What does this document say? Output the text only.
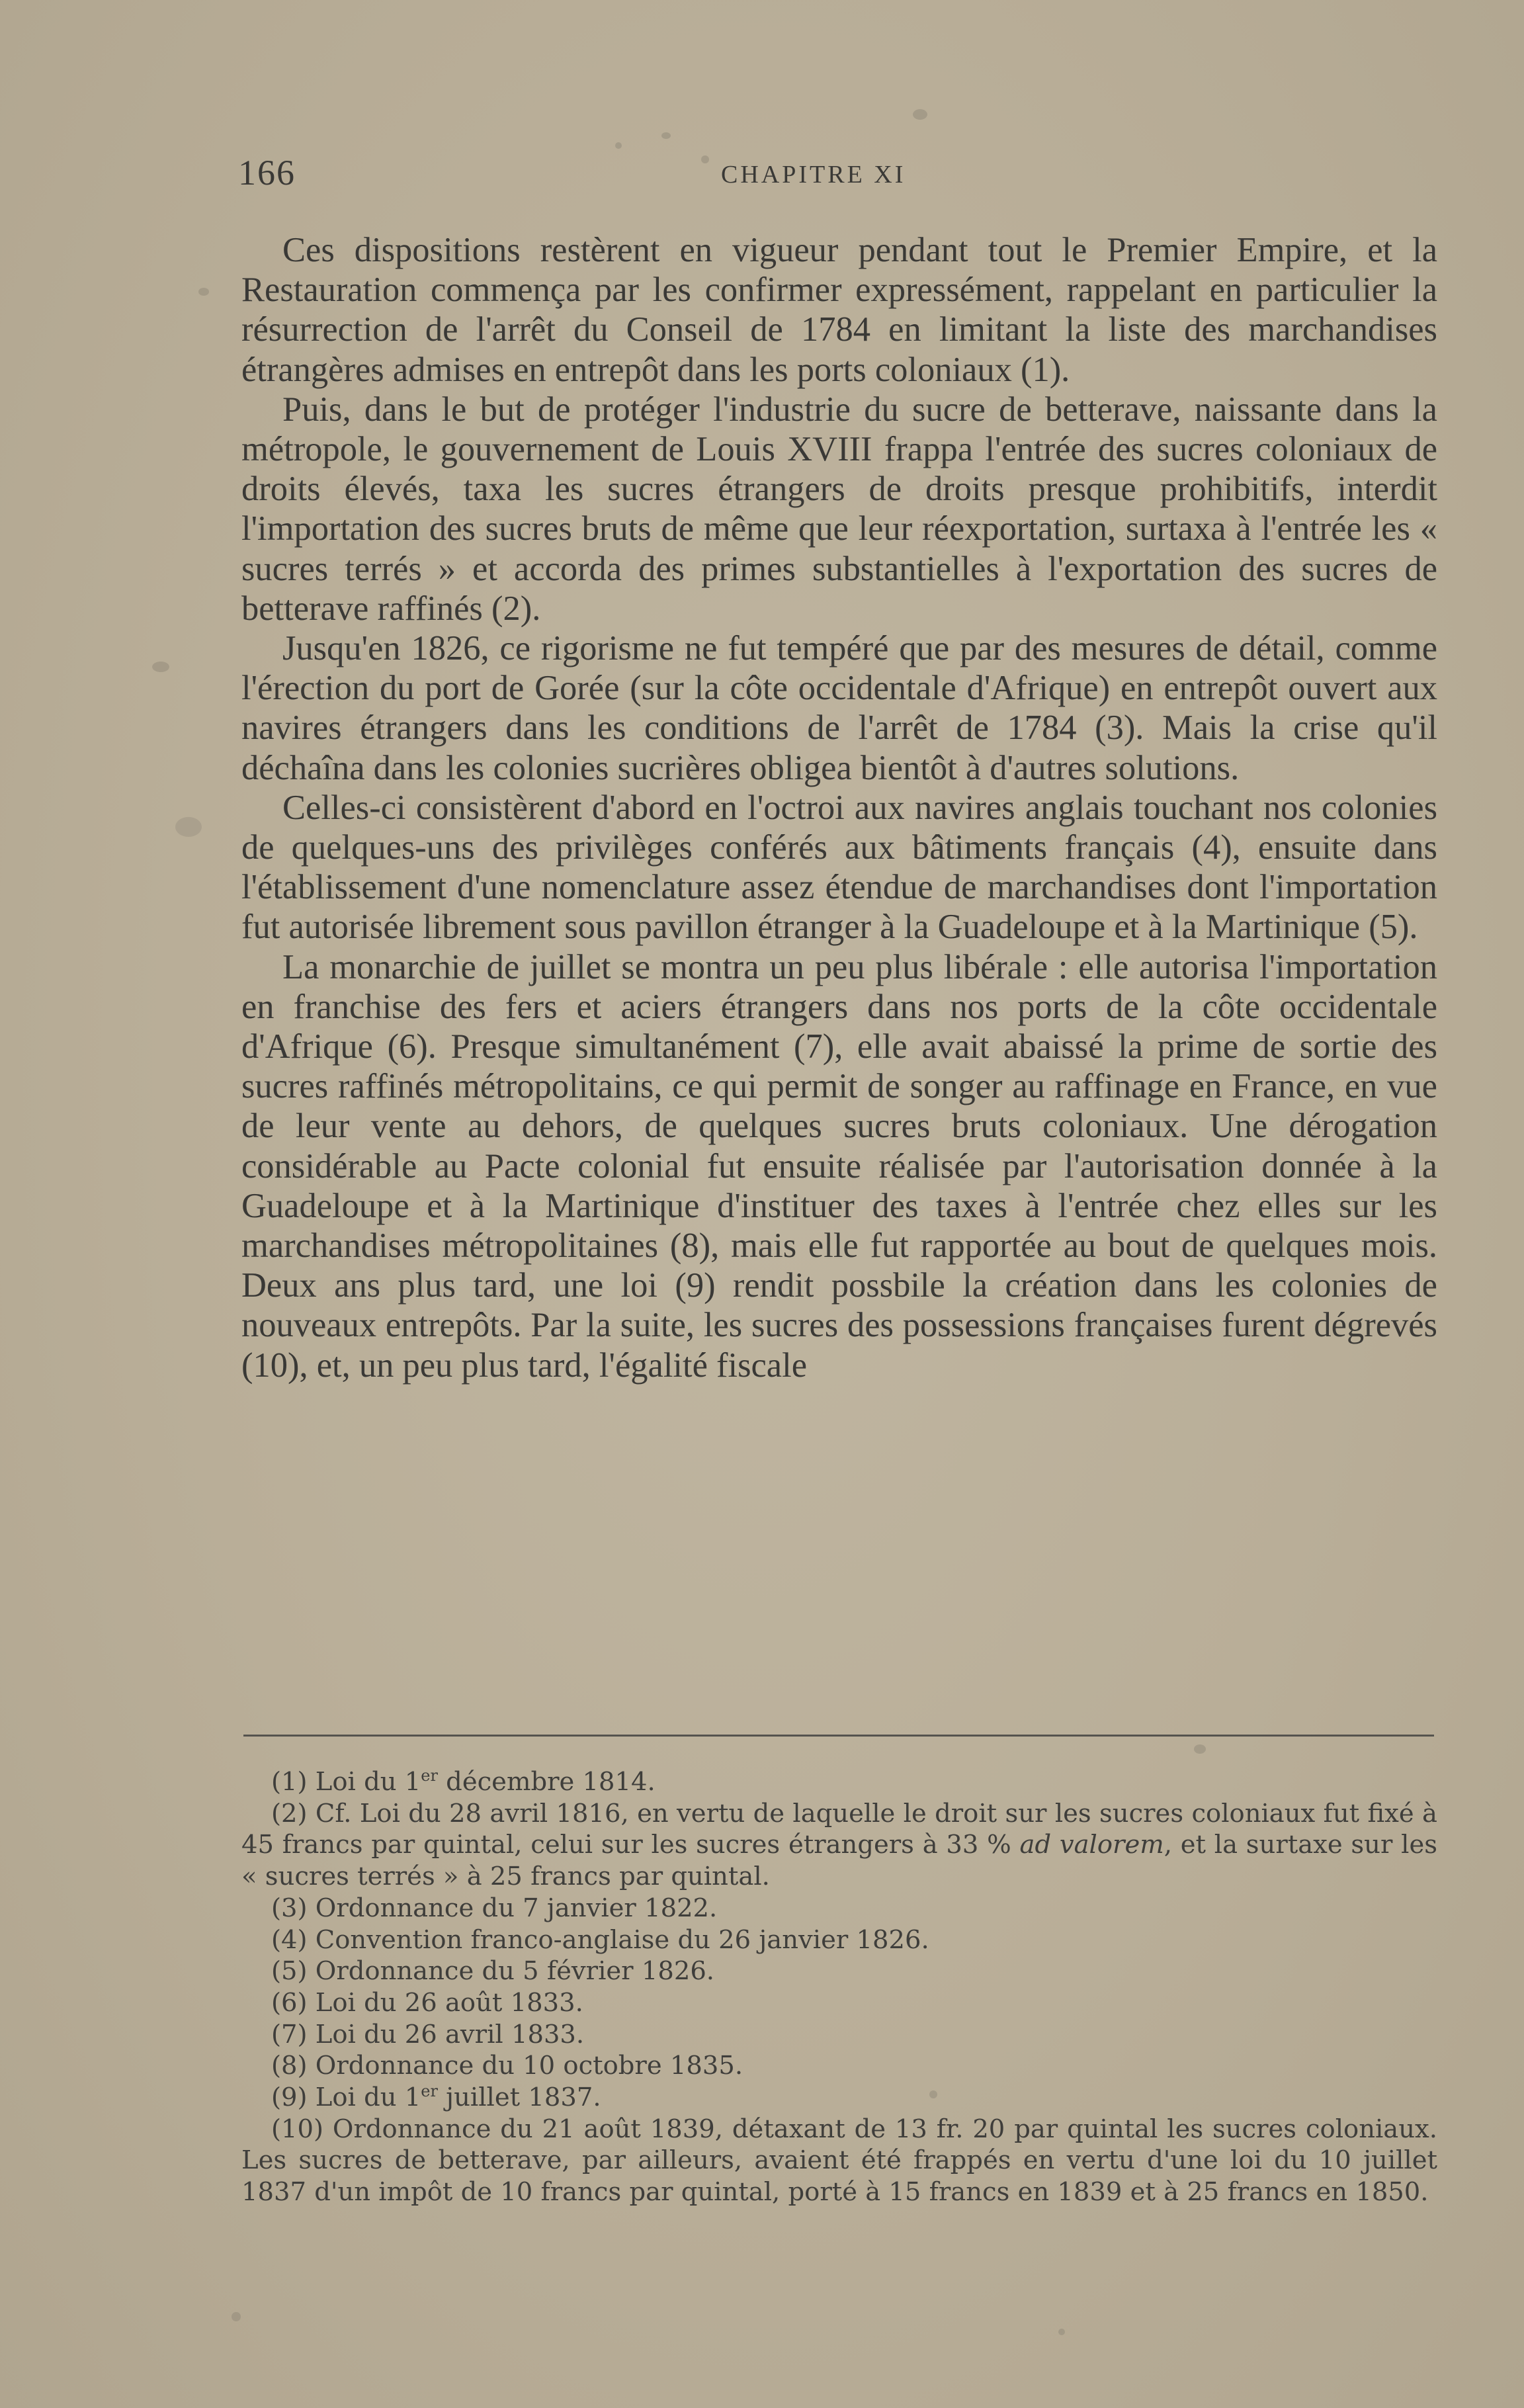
166	CHAPITRE XI

Ces dispositions restèrent en vigueur pendant tout le Premier Empire, et la Restauration commença par les confirmer expressément, rappelant en particulier la résurrection de l'arrêt du Conseil de 1784 en limitant la liste des marchandises étrangères admises en entrepôt dans les ports coloniaux (1).

Puis, dans le but de protéger l'industrie du sucre de betterave, naissante dans la métropole, le gouvernement de Louis XVIII frappa l'entrée des sucres coloniaux de droits élevés, taxa les sucres étrangers de droits presque prohibitifs, interdit l'importation des sucres bruts de même que leur réexportation, surtaxa à l'entrée les « sucres terrés » et accorda des primes substantielles à l'exportation des sucres de betterave raffinés (2).

Jusqu'en 1826, ce rigorisme ne fut tempéré que par des mesures de détail, comme l'érection du port de Gorée (sur la côte occidentale d'Afrique) en entrepôt ouvert aux navires étrangers dans les conditions de l'arrêt de 1784 (3). Mais la crise qu'il déchaîna dans les colonies sucrières obligea bientôt à d'autres solutions.

Celles-ci consistèrent d'abord en l'octroi aux navires anglais touchant nos colonies de quelques-uns des privilèges conférés aux bâtiments français (4), ensuite dans l'établissement d'une nomenclature assez étendue de marchandises dont l'importation fut autorisée librement sous pavillon étranger à la Guadeloupe et à la Martinique (5).

La monarchie de juillet se montra un peu plus libérale : elle autorisa l'importation en franchise des fers et aciers étrangers dans nos ports de la côte occidentale d'Afrique (6). Presque simultanément (7), elle avait abaissé la prime de sortie des sucres raffinés métropolitains, ce qui permit de songer au raffinage en France, en vue de leur vente au dehors, de quelques sucres bruts coloniaux. Une dérogation considérable au Pacte colonial fut ensuite réalisée par l'autorisation donnée à la Guadeloupe et à la Martinique d'instituer des taxes à l'entrée chez elles sur les marchandises métropolitaines (8), mais elle fut rapportée au bout de quelques mois. Deux ans plus tard, une loi (9) rendit possbile la création dans les colonies de nouveaux entrepôts. Par la suite, les sucres des possessions françaises furent dégrevés (10), et, un peu plus tard, l'égalité fiscale

(1) Loi du 1er décembre 1814.

(2) Cf. Loi du 28 avril 1816, en vertu de laquelle le droit sur les sucres coloniaux fut fixé à 45 francs par quintal, celui sur les sucres étrangers à 33 % ad valorem, et la surtaxe sur les « sucres terrés » à 25 francs par quintal.

(3) Ordonnance du 7 janvier 1822.

(4) Convention franco-anglaise du 26 janvier 1826.

(5) Ordonnance du 5 février 1826.

(6) Loi du 26 août 1833.

(7) Loi du 26 avril 1833.

(8) Ordonnance du 10 octobre 1835.

(9) Loi du 1er juillet 1837.

(10) Ordonnance du 21 août 1839, détaxant de 13 fr. 20 par quintal les sucres coloniaux. Les sucres de betterave, par ailleurs, avaient été frappés en vertu d'une loi du 10 juillet 1837 d'un impôt de 10 francs par quintal, porté à 15 francs en 1839 et à 25 francs en 1850.
